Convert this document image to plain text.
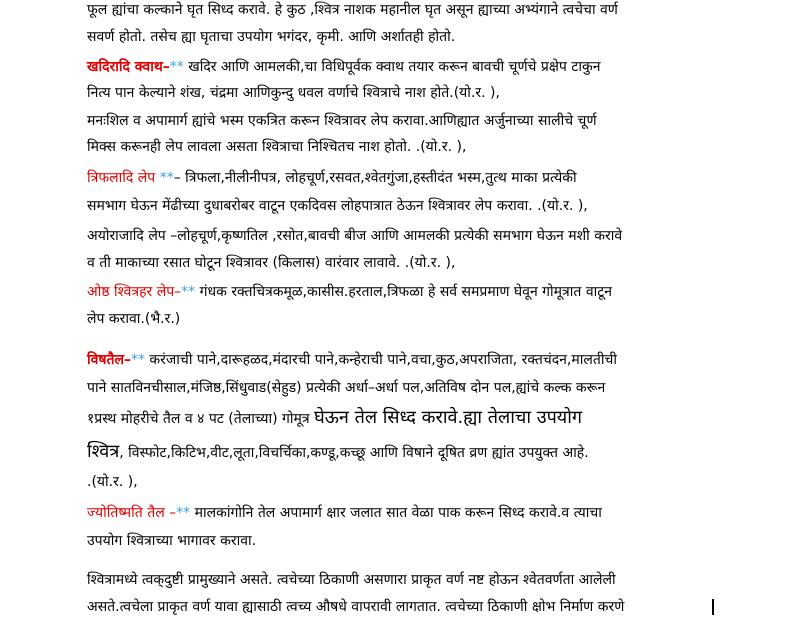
फूल ह्यांचा कल्कानेे घृत सिध्द करावे. हे कुठ ,श्वित्र नाशक महानील घृत असून ह्याच्या अभ्यंगाने त्वचेचा वर्ण
सवर्ण होतो. तसेच ह्या घृताचा उपयोग भगंदर, कृमी. आणि अर्शातही होतो.
खदिरादि क्वाथ–** खदिर आणि आमलकी,चा विधिपूर्वक क्वाथ तयार करून बावची चूर्णचे प्रक्षेप टाकुन
नित्य पान केल्याने शंख, चंद्रमा आणिकुन्दु धवल वर्णाचे श्वित्राचे नाश होते.(यो.र. ),
मनःशिल व अपामार्ग ह्यांचे भस्म एकत्रित करून श्वित्रावर लेप करावा.आणिह्यात अर्जुनाच्या सालीचे चूर्ण
मिक्स करूनही लेप लावला असता श्वित्राचा निश्चितच नाश होतो. .(यो.र. ),
त्रिफलादि लेप **– त्रिफला,नीलीनीपत्र, लोहचूर्ण,रसवत,श्वेतगुंजा,हस्तीदंत भस्म,तुत्थ माका प्रत्येकी
समभाग घेऊन मेंढीच्या दुधाबरोबर वाटून एकदिवस लोहपात्रात ठेऊन श्वित्रावर लेप करावा. .(यो.र. ),
अयोराजादि लेप –लोहचूर्ण,कृष्णतिल ,रसोत,बावची बीज आणि आमलकी प्रत्येकी समभाग घेऊन मशी करावे
व ती माकाच्या रसात घोटून श्वित्रावर (किलास) वारंवार लावावे. .(यो.र. ),
ओष्ठ श्वित्रहर लेप–** गंधक रक्तचित्रकमूळ,कासीस.हरताल,त्रिफळा हे सर्व समप्रमाण घेवून गोमूत्रात वाटून
लेप करावा.(भै.र.)
विषतैल–** करंजाची पाने,दारूहळद,मंदारची पाने,कन्हेराची पाने,वचा,कुठ,अपराजिता, रक्तचंदन,मालतीची
पाने सातविनचीसाल,मंजिष्ठ,सिंधुवाड(सेहुड) प्रत्येकी अर्धा–अर्धा पल,अतिविष दोन पल,ह्यांचे कल्क करून
१प्रस्थ मोहरीचे तैल व ४ पट (तेलाच्या) गोमूत्र घेऊन तेल सिध्द करावे.ह्या तेलाचा उपयोग
श्वित्र, विस्फोट,किटिभ,वीट,लूता,विचर्चिका,कण्डू,कच्छू आणि विषाने दूषित व्रण ह्यांत उपयुक्त आहे.
.(यो.र. ),
ज्योतिष्मति तैल –** मालकांगोनि तेल अपामार्ग क्षार जलात सात वेळा पाक करून सिध्द करावे.व त्याचा
उपयोग श्वित्राच्या भागावर करावा.
श्वित्रामध्ये त्वक्‌दुष्टी प्रामुख्याने असते. त्वचेच्या ठिकाणी असणारा प्राकृत वर्ण नष्ट होऊन श्वेतवर्णता आलेली
असते.त्वचेला प्राकृत वर्ण यावा ह्यासाठी त्वच्य औषधे वापरावी लागतात. त्वचेच्या ठिकाणी क्षोभ निर्माण करणे
